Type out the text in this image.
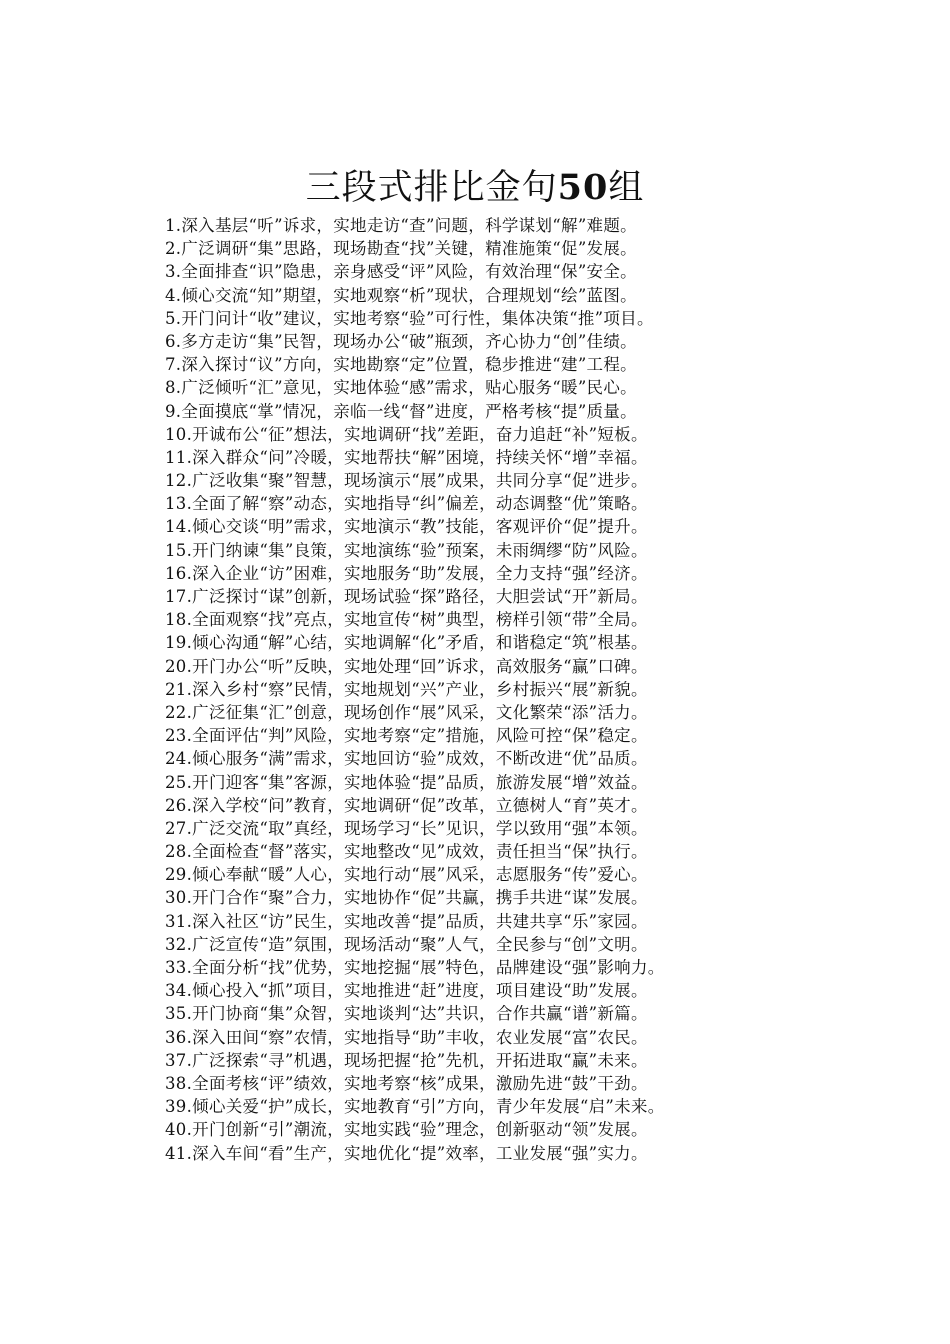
三段式排比金句50组
1.深入基层“听”诉求，实地走访“查”问题，科学谋划“解”难题。
2.广泛调研“集”思路，现场勘查“找”关键，精准施策“促”发展。
3.全面排查“识”隐患，亲身感受“评”风险，有效治理“保”安全。
4.倾心交流“知”期望，实地观察“析”现状，合理规划“绘”蓝图。
5.开门问计“收”建议，实地考察“验”可行性，集体决策“推”项目。
6.多方走访“集”民智，现场办公“破”瓶颈，齐心协力“创”佳绩。
7.深入探讨“议”方向，实地勘察“定”位置，稳步推进“建”工程。
8.广泛倾听“汇”意见，实地体验“感”需求，贴心服务“暖”民心。
9.全面摸底“掌”情况，亲临一线“督”进度，严格考核“提”质量。
10.开诚布公“征”想法，实地调研“找”差距，奋力追赶“补”短板。
11.深入群众“问”冷暖，实地帮扶“解”困境，持续关怀“增”幸福。
12.广泛收集“聚”智慧，现场演示“展”成果，共同分享“促”进步。
13.全面了解“察”动态，实地指导“纠”偏差，动态调整“优”策略。
14.倾心交谈“明”需求，实地演示“教”技能，客观评价“促”提升。
15.开门纳谏“集”良策，实地演练“验”预案，未雨绸缪“防”风险。
16.深入企业“访”困难，实地服务“助”发展，全力支持“强”经济。
17.广泛探讨“谋”创新，现场试验“探”路径，大胆尝试“开”新局。
18.全面观察“找”亮点，实地宣传“树”典型，榜样引领“带”全局。
19.倾心沟通“解”心结，实地调解“化”矛盾，和谐稳定“筑”根基。
20.开门办公“听”反映，实地处理“回”诉求，高效服务“赢”口碑。
21.深入乡村“察”民情，实地规划“兴”产业，乡村振兴“展”新貌。
22.广泛征集“汇”创意，现场创作“展”风采，文化繁荣“添”活力。
23.全面评估“判”风险，实地考察“定”措施，风险可控“保”稳定。
24.倾心服务“满”需求，实地回访“验”成效，不断改进“优”品质。
25.开门迎客“集”客源，实地体验“提”品质，旅游发展“增”效益。
26.深入学校“问”教育，实地调研“促”改革，立德树人“育”英才。
27.广泛交流“取”真经，现场学习“长”见识，学以致用“强”本领。
28.全面检查“督”落实，实地整改“见”成效，责任担当“保”执行。
29.倾心奉献“暖”人心，实地行动“展”风采，志愿服务“传”爱心。
30.开门合作“聚”合力，实地协作“促”共赢，携手共进“谋”发展。
31.深入社区“访”民生，实地改善“提”品质，共建共享“乐”家园。
32.广泛宣传“造”氛围，现场活动“聚”人气，全民参与“创”文明。
33.全面分析“找”优势，实地挖掘“展”特色，品牌建设“强”影响力。
34.倾心投入“抓”项目，实地推进“赶”进度，项目建设“助”发展。
35.开门协商“集”众智，实地谈判“达”共识，合作共赢“谱”新篇。
36.深入田间“察”农情，实地指导“助”丰收，农业发展“富”农民。
37.广泛探索“寻”机遇，现场把握“抢”先机，开拓进取“赢”未来。
38.全面考核“评”绩效，实地考察“核”成果，激励先进“鼓”干劲。
39.倾心关爱“护”成长，实地教育“引”方向，青少年发展“启”未来。
40.开门创新“引”潮流，实地实践“验”理念，创新驱动“领”发展。
41.深入车间“看”生产，实地优化“提”效率，工业发展“强”实力。
